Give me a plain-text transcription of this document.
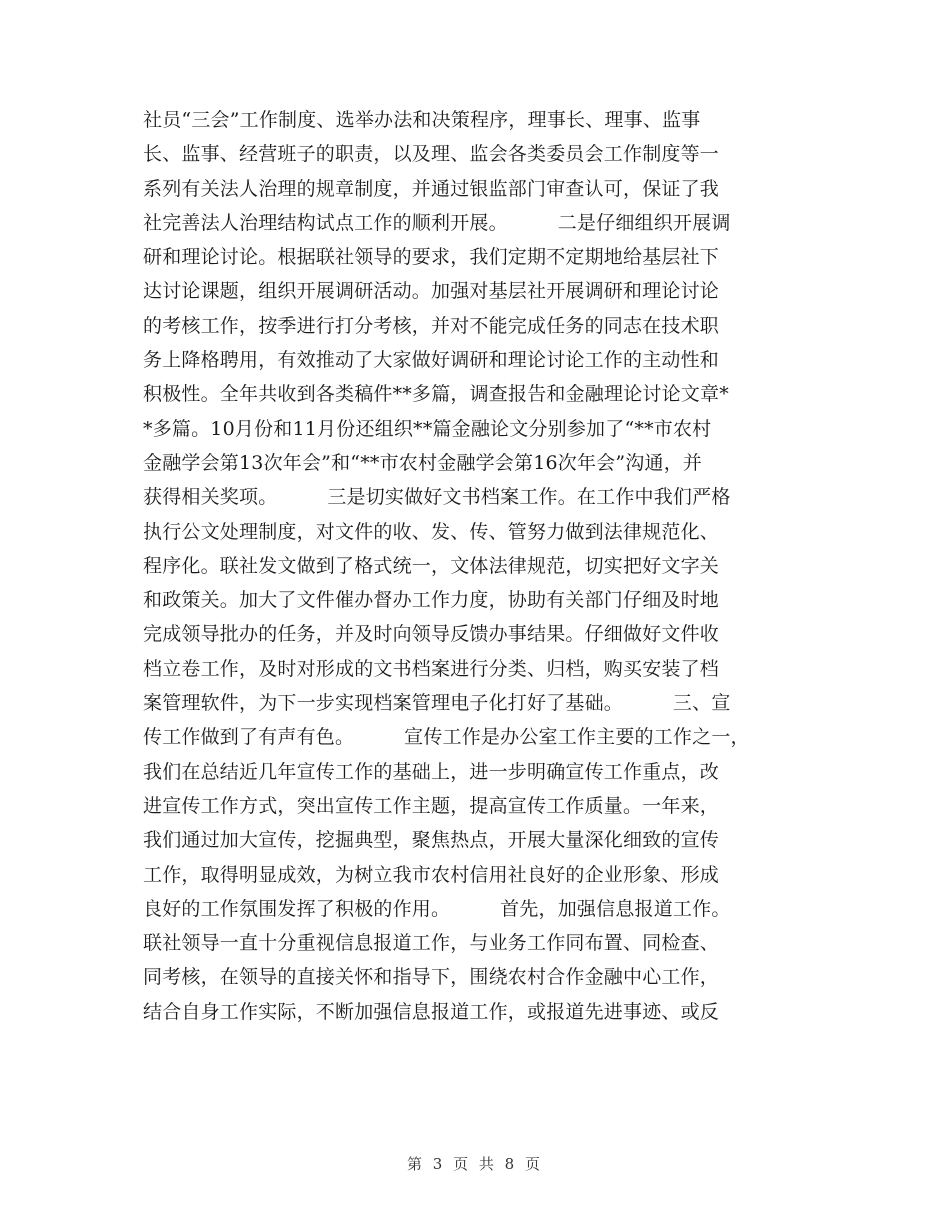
社员“三会”工作制度、选举办法和决策程序，理事长、理事、监事
长、监事、经营班子的职责，以及理、监会各类委员会工作制度等一
系列有关法人治理的规章制度，并通过银监部门审查认可，保证了我
社完善法人治理结构试点工作的顺利开展。        二是仔细组织开展调
研和理论讨论。根据联社领导的要求，我们定期不定期地给基层社下
达讨论课题，组织开展调研活动。加强对基层社开展调研和理论讨论
的考核工作，按季进行打分考核，并对不能完成任务的同志在技术职
务上降格聘用，有效推动了大家做好调研和理论讨论工作的主动性和
积极性。全年共收到各类稿件**多篇，调查报告和金融理论讨论文章*
*多篇。10月份和11月份还组织**篇金融论文分别参加了“**市农村
金融学会第13次年会”和“**市农村金融学会第16次年会”沟通，并
获得相关奖项。        三是切实做好文书档案工作。在工作中我们严格
执行公文处理制度，对文件的收、发、传、管努力做到法律规范化、
程序化。联社发文做到了格式统一，文体法律规范，切实把好文字关
和政策关。加大了文件催办督办工作力度，协助有关部门仔细及时地
完成领导批办的任务，并及时向领导反馈办事结果。仔细做好文件收
档立卷工作，及时对形成的文书档案进行分类、归档，购买安装了档
案管理软件，为下一步实现档案管理电子化打好了基础。        三、宣
传工作做到了有声有色。        宣传工作是办公室工作主要的工作之一，
我们在总结近几年宣传工作的基础上，进一步明确宣传工作重点，改
进宣传工作方式，突出宣传工作主题，提高宣传工作质量。一年来，
我们通过加大宣传，挖掘典型，聚焦热点，开展大量深化细致的宣传
工作，取得明显成效，为树立我市农村信用社良好的企业形象、形成
良好的工作氛围发挥了积极的作用。        首先，加强信息报道工作。
联社领导一直十分重视信息报道工作，与业务工作同布置、同检查、
同考核，在领导的直接关怀和指导下，围绕农村合作金融中心工作，
结合自身工作实际，不断加强信息报道工作，或报道先进事迹、或反
第 3 页 共 8 页
